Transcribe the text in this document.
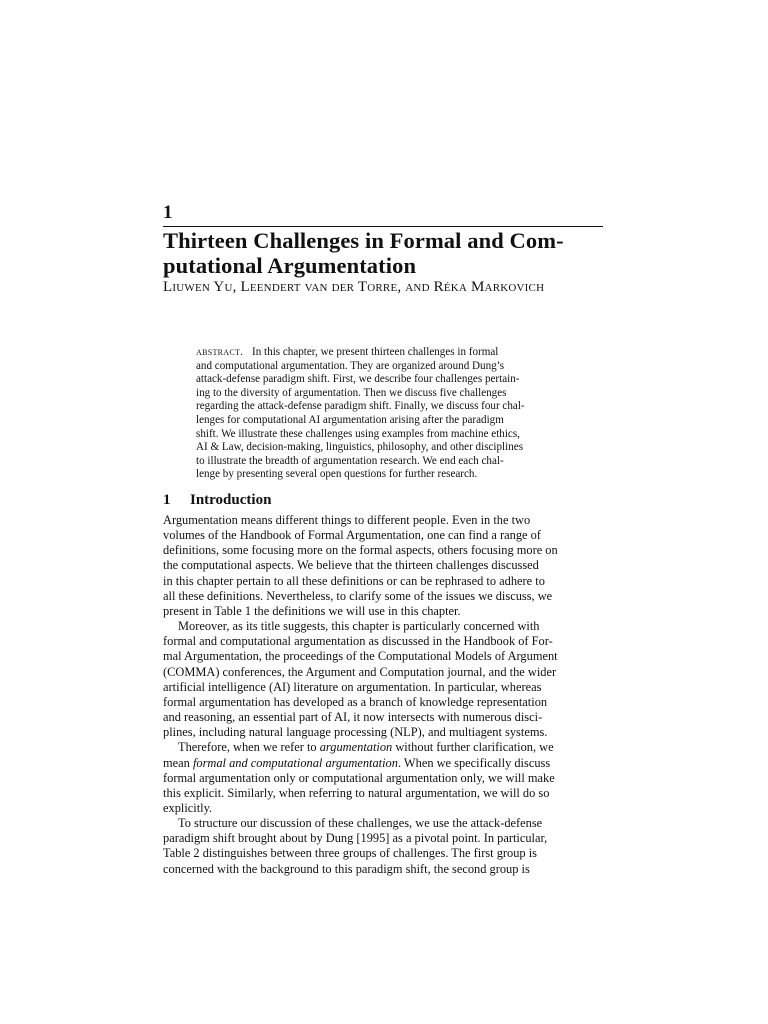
1
Thirteen Challenges in Formal and Com-
putational Argumentation
Liuwen Yu, Leendert van der Torre, and Réka Markovich
abstract. In this chapter, we present thirteen challenges in formal
and computational argumentation. They are organized around Dung’s
attack-defense paradigm shift. First, we describe four challenges pertain-
ing to the diversity of argumentation. Then we discuss five challenges
regarding the attack-defense paradigm shift. Finally, we discuss four chal-
lenges for computational AI argumentation arising after the paradigm
shift. We illustrate these challenges using examples from machine ethics,
AI & Law, decision-making, linguistics, philosophy, and other disciplines
to illustrate the breadth of argumentation research. We end each chal-
lenge by presenting several open questions for further research.
1 Introduction
Argumentation means different things to different people. Even in the two
volumes of the Handbook of Formal Argumentation, one can find a range of
definitions, some focusing more on the formal aspects, others focusing more on
the computational aspects. We believe that the thirteen challenges discussed
in this chapter pertain to all these definitions or can be rephrased to adhere to
all these definitions. Nevertheless, to clarify some of the issues we discuss, we
present in Table 1 the definitions we will use in this chapter.
Moreover, as its title suggests, this chapter is particularly concerned with
formal and computational argumentation as discussed in the Handbook of For-
mal Argumentation, the proceedings of the Computational Models of Argument
(COMMA) conferences, the Argument and Computation journal, and the wider
artificial intelligence (AI) literature on argumentation. In particular, whereas
formal argumentation has developed as a branch of knowledge representation
and reasoning, an essential part of AI, it now intersects with numerous disci-
plines, including natural language processing (NLP), and multiagent systems.
Therefore, when we refer to argumentation without further clarification, we
mean formal and computational argumentation. When we specifically discuss
formal argumentation only or computational argumentation only, we will make
this explicit. Similarly, when referring to natural argumentation, we will do so
explicitly.
To structure our discussion of these challenges, we use the attack-defense
paradigm shift brought about by Dung [1995] as a pivotal point. In particular,
Table 2 distinguishes between three groups of challenges. The first group is
concerned with the background to this paradigm shift, the second group is
